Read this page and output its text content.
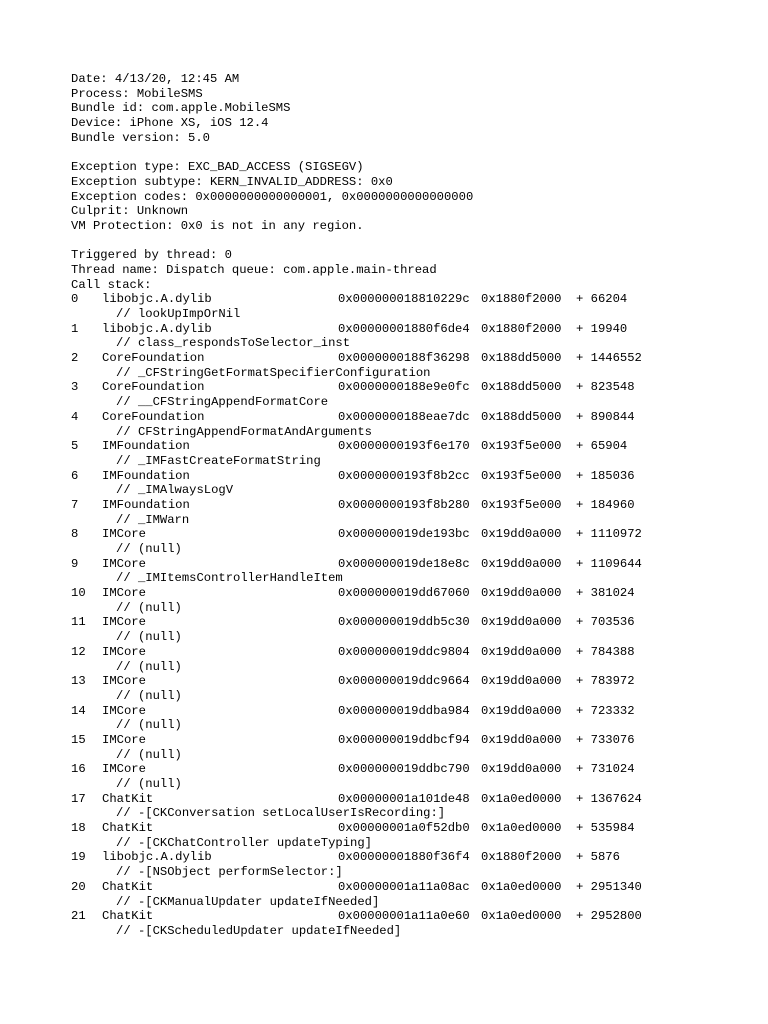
Date: 4/13/20, 12:45 AM
Process: MobileSMS
Bundle id: com.apple.MobileSMS
Device: iPhone XS, iOS 12.4
Bundle version: 5.0
Exception type: EXC_BAD_ACCESS (SIGSEGV)
Exception subtype: KERN_INVALID_ADDRESS: 0x0
Exception codes: 0x0000000000000001, 0x0000000000000000
Culprit: Unknown
VM Protection: 0x0 is not in any region.
Triggered by thread: 0
Thread name: Dispatch queue: com.apple.main-thread
Call stack:
0	libobjc.A.dylib	0x000000018810229c 0x1880f2000	+ 66204
// lookUpImpOrNil
1	libobjc.A.dylib	0x00000001880f6de4 0x1880f2000	+ 19940
// class_respondsToSelector_inst
2	CoreFoundation	0x0000000188f36298 0x188dd5000	+ 1446552
// _CFStringGetFormatSpecifierConfiguration
3	CoreFoundation	0x0000000188e9e0fc 0x188dd5000	+ 823548
// __CFStringAppendFormatCore
4	CoreFoundation	0x0000000188eae7dc 0x188dd5000	+ 890844
// CFStringAppendFormatAndArguments
5	IMFoundation	0x0000000193f6e170 0x193f5e000	+ 65904
// _IMFastCreateFormatString
6	IMFoundation	0x0000000193f8b2cc 0x193f5e000	+ 185036
// _IMAlwaysLogV
7	IMFoundation	0x0000000193f8b280 0x193f5e000	+ 184960
// _IMWarn
8	IMCore	0x000000019de193bc 0x19dd0a000	+ 1110972
// (null)
9	IMCore	0x000000019de18e8c 0x19dd0a000	+ 1109644
// _IMItemsControllerHandleItem
10	IMCore	0x000000019dd67060 0x19dd0a000	+ 381024
// (null)
11	IMCore	0x000000019ddb5c30 0x19dd0a000	+ 703536
// (null)
12	IMCore	0x000000019ddc9804 0x19dd0a000	+ 784388
// (null)
13	IMCore	0x000000019ddc9664 0x19dd0a000	+ 783972
// (null)
14	IMCore	0x000000019ddba984 0x19dd0a000	+ 723332
// (null)
15	IMCore	0x000000019ddbcf94 0x19dd0a000	+ 733076
// (null)
16	IMCore	0x000000019ddbc790 0x19dd0a000	+ 731024
// (null)
17	ChatKit	0x00000001a101de48 0x1a0ed0000	+ 1367624
// -[CKConversation setLocalUserIsRecording:]
18	ChatKit	0x00000001a0f52db0 0x1a0ed0000	+ 535984
// -[CKChatController updateTyping]
19	libobjc.A.dylib	0x00000001880f36f4 0x1880f2000	+ 5876
// -[NSObject performSelector:]
20	ChatKit	0x00000001a11a08ac 0x1a0ed0000	+ 2951340
// -[CKManualUpdater updateIfNeeded]
21	ChatKit	0x00000001a11a0e60 0x1a0ed0000	+ 2952800
// -[CKScheduledUpdater updateIfNeeded]
